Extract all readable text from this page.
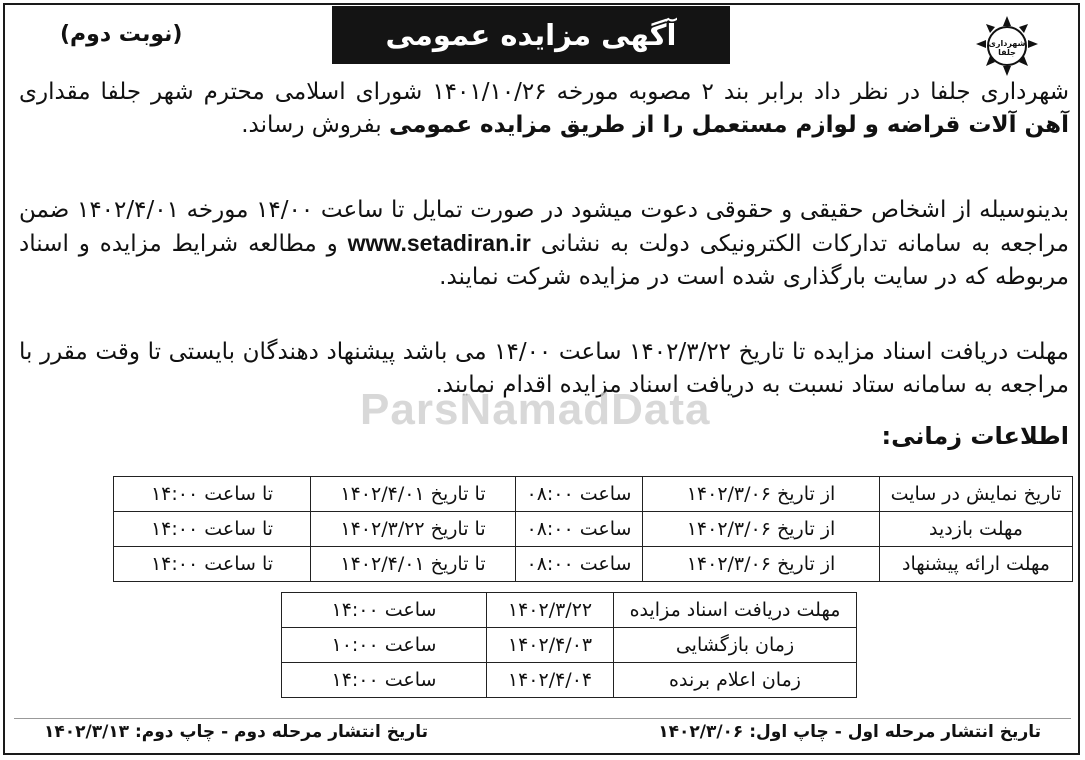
شهرداری جلفا
آگهی مزایده عمومی
(نوبت دوم)
شهرداری جلفا در نظر داد برابر بند ۲ مصوبه مورخه ۱۴۰۱/۱۰/۲۶ شورای اسلامی محترم شهر جلفا مقداری آهن آلات قراضه و لوازم مستعمل را از طریق مزایده عمومی بفروش رساند.
بدینوسیله از اشخاص حقیقی و حقوقی دعوت میشود در صورت تمایل تا ساعت ۱۴/۰۰ مورخه ۱۴۰۲/۴/۰۱ ضمن مراجعه به سامانه تدارکات الکترونیکی دولت به نشانی www.setadiran.ir و مطالعه شرایط مزایده و اسناد مربوطه که در سایت بارگذاری شده است در مزایده شرکت نمایند.
مهلت دریافت اسناد مزایده تا تاریخ ۱۴۰۲/۳/۲۲ ساعت ۱۴/۰۰ می باشد پیشنهاد دهندگان بایستی تا وقت مقرر با مراجعه به سامانه ستاد نسبت به دریافت اسناد مزایده اقدام نمایند.
ParsNamadData
اطلاعات زمانی:
تاریخ نمایش در سایت	از تاریخ ۱۴۰۲/۳/۰۶	ساعت ۰۸:۰۰	تا تاریخ ۱۴۰۲/۴/۰۱	تا ساعت ۱۴:۰۰
مهلت بازدید	از تاریخ ۱۴۰۲/۳/۰۶	ساعت ۰۸:۰۰	تا تاریخ ۱۴۰۲/۳/۲۲	تا ساعت ۱۴:۰۰
مهلت ارائه پیشنهاد	از تاریخ ۱۴۰۲/۳/۰۶	ساعت ۰۸:۰۰	تا تاریخ ۱۴۰۲/۴/۰۱	تا ساعت ۱۴:۰۰
مهلت دریافت اسناد مزایده	۱۴۰۲/۳/۲۲	ساعت ۱۴:۰۰
زمان بازگشایی	۱۴۰۲/۴/۰۳	ساعت ۱۰:۰۰
زمان اعلام برنده	۱۴۰۲/۴/۰۴	ساعت ۱۴:۰۰
تاریخ انتشار مرحله اول - چاپ اول: ۱۴۰۲/۳/۰۶
تاریخ انتشار مرحله دوم - چاپ دوم: ۱۴۰۲/۳/۱۳
